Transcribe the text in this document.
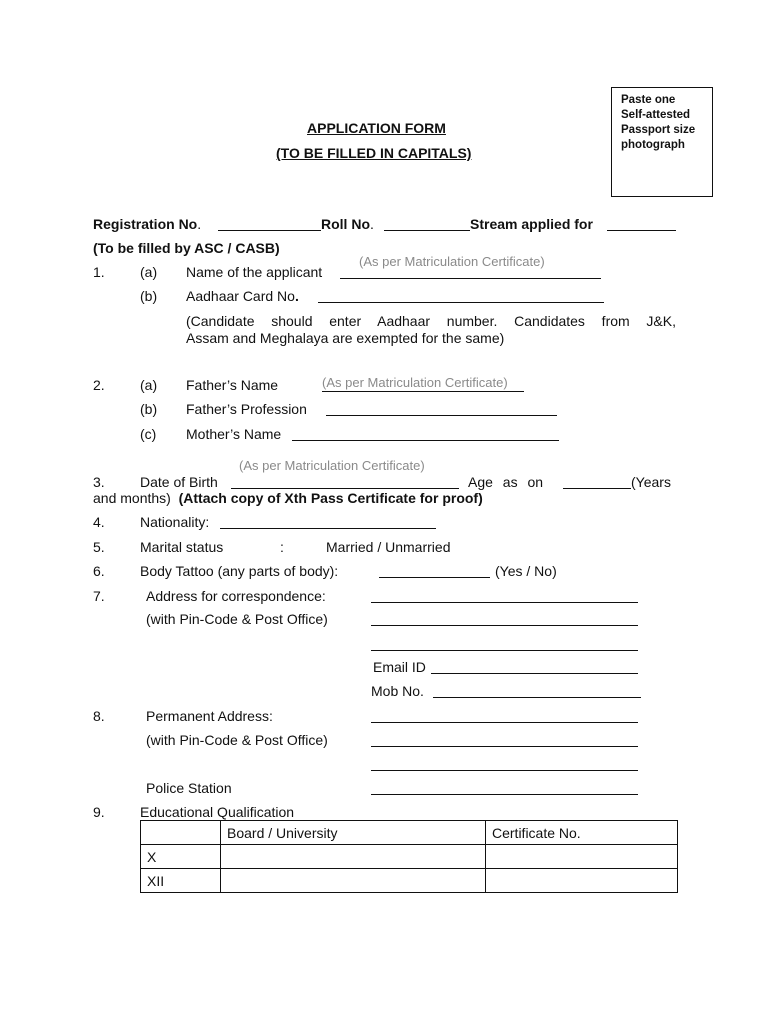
Paste one
Self-attested
Passport size
photograph
APPLICATION FORM
(TO BE FILLED IN CAPITALS)
Registration No.	Roll No.	Stream applied for
(To be filled by ASC / CASB)
(As per Matriculation Certificate)
1.	(a) Name of the applicant
(b) Aadhaar Card No.
(Candidate should enter Aadhaar number. Candidates from J&K,
Assam and Meghalaya are exempted for the same)
(As per Matriculation Certificate)
2.	(a) Father’s Name
(b) Father’s Profession
(c) Mother’s Name
(As per Matriculation Certificate)
3.	Date of Birth	Age as on	(Years
and months) (Attach copy of Xth Pass Certificate for proof)
4.	Nationality:
5.	Marital status	:	Married / Unmarried
6.	Body Tattoo (any parts of body):	(Yes / No)
7.	Address for correspondence:
(with Pin-Code & Post Office)
Email ID
Mob No.
8.	Permanent Address:
(with Pin-Code & Post Office)
Police Station
9.	Educational Qualification
	Board / University	Certificate No.
X		
XII		
